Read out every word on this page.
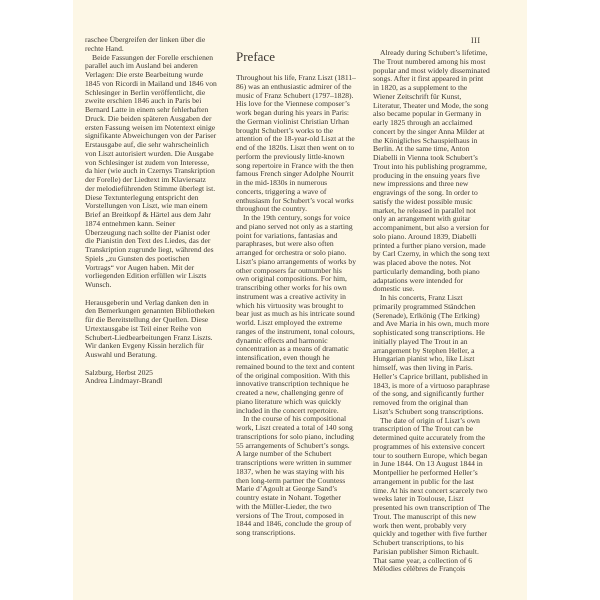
III

raschee Übergreifen der linken über die rechte Hand.

Beide Fassungen der Forelle erschienen parallel auch im Ausland bei anderen Verlagen: Die erste Bearbeitung wurde 1845 von Ricordi in Mailand und 1846 von Schlesinger in Berlin veröffentlicht, die zweite erschien 1846 auch in Paris bei Bernard Latte in einem sehr fehlerhaften Druck. Die beiden späteren Ausgaben der ersten Fassung weisen im Notentext einige signifikante Abweichungen von der Pariser Erstausgabe auf, die sehr wahrscheinlich von Liszt autorisiert wurden. Die Ausgabe von Schlesinger ist zudem von Interesse, da hier (wie auch in Czernys Transkription der Forelle) der Liedtext im Klaviersatz der melodieführenden Stimme überlegt ist. Diese Textunterlegung entspricht den Vorstellungen von Liszt, wie man einem Brief an Breitkopf & Härtel aus dem Jahr 1874 entnehmen kann. Seiner Überzeugung nach sollte der Pianist oder die Pianistin den Text des Liedes, das der Transkription zugrunde liegt, während des Spiels „zu Gunsten des poetischen Vortrags“ vor Augen haben. Mit der vorliegenden Edition erfüllen wir Liszts Wunsch.

Herausgeberin und Verlag danken den in den Bemerkungen genannten Bibliotheken für die Bereitstellung der Quellen. Diese Urtextausgabe ist Teil einer Reihe von Schubert-Liedbearbeitungen Franz Liszts. Wir danken Evgeny Kissin herzlich für Auswahl und Beratung.

Salzburg, Herbst 2025

Andrea Lindmayr-Brandl

Preface

Throughout his life, Franz Liszt (1811–86) was an enthusiastic admirer of the music of Franz Schubert (1797–1828). His love for the Viennese composer’s work began during his years in Paris: the German violinist Christian Urhan brought Schubert’s works to the attention of the 18-year-old Liszt at the end of the 1820s. Liszt then went on to perform the previously little-known song repertoire in France with the then famous French singer Adolphe Nourrit in the mid-1830s in numerous concerts, triggering a wave of enthusiasm for Schubert’s vocal works throughout the country.

In the 19th century, songs for voice and piano served not only as a starting point for variations, fantasias and paraphrases, but were also often arranged for orchestra or solo piano. Liszt’s piano arrangements of works by other composers far outnumber his own original compositions. For him, transcribing other works for his own instrument was a creative activity in which his virtuosity was brought to bear just as much as his intricate sound world. Liszt employed the extreme ranges of the instrument, tonal colours, dynamic effects and harmonic concentration as a means of dramatic intensification, even though he remained bound to the text and content of the original composition. With this innovative transcription technique he created a new, challenging genre of piano literature which was quickly included in the concert repertoire.

In the course of his compositional work, Liszt created a total of 140 song transcriptions for solo piano, including 55 arrangements of Schubert’s songs. A large number of the Schubert transcriptions were written in summer 1837, when he was staying with his then long-term partner the Countess Marie d’Agoult at George Sand’s country estate in Nohant. Together with the Müller-Lieder, the two versions of The Trout, composed in 1844 and 1846, conclude the group of song transcriptions.

Already during Schubert’s lifetime, The Trout numbered among his most popular and most widely disseminated songs. After it first appeared in print in 1820, as a supplement to the Wiener Zeitschrift für Kunst, Literatur, Theater und Mode, the song also became popular in Germany in early 1825 through an acclaimed concert by the singer Anna Milder at the Königliches Schauspielhaus in Berlin. At the same time, Anton Diabelli in Vienna took Schubert’s Trout into his publishing programme, producing in the ensuing years five new impressions and three new engravings of the song. In order to satisfy the widest possible music market, he released in parallel not only an arrangement with guitar accompaniment, but also a version for solo piano. Around 1839, Diabelli printed a further piano version, made by Carl Czerny, in which the song text was placed above the notes. Not particularly demanding, both piano adaptations were intended for domestic use.

In his concerts, Franz Liszt primarily programmed Ständchen (Serenade), Erlkönig (The Erlking) and Ave Maria in his own, much more sophisticated song transcriptions. He initially played The Trout in an arrangement by Stephen Heller, a Hungarian pianist who, like Liszt himself, was then living in Paris. Heller’s Caprice brillant, published in 1843, is more of a virtuoso paraphrase of the song, and significantly further removed from the original than Liszt’s Schubert song transcriptions.

The date of origin of Liszt’s own transcription of The Trout can be determined quite accurately from the programmes of his extensive concert tour to southern Europe, which began in June 1844. On 13 August 1844 in Montpellier he performed Heller’s arrangement in public for the last time. At his next concert scarcely two weeks later in Toulouse, Liszt presented his own transcription of The Trout. The manuscript of this new work then went, probably very quickly and together with five further Schubert transcriptions, to his Parisian publisher Simon Richault. That same year, a collection of 6 Mélodies célèbres de François
